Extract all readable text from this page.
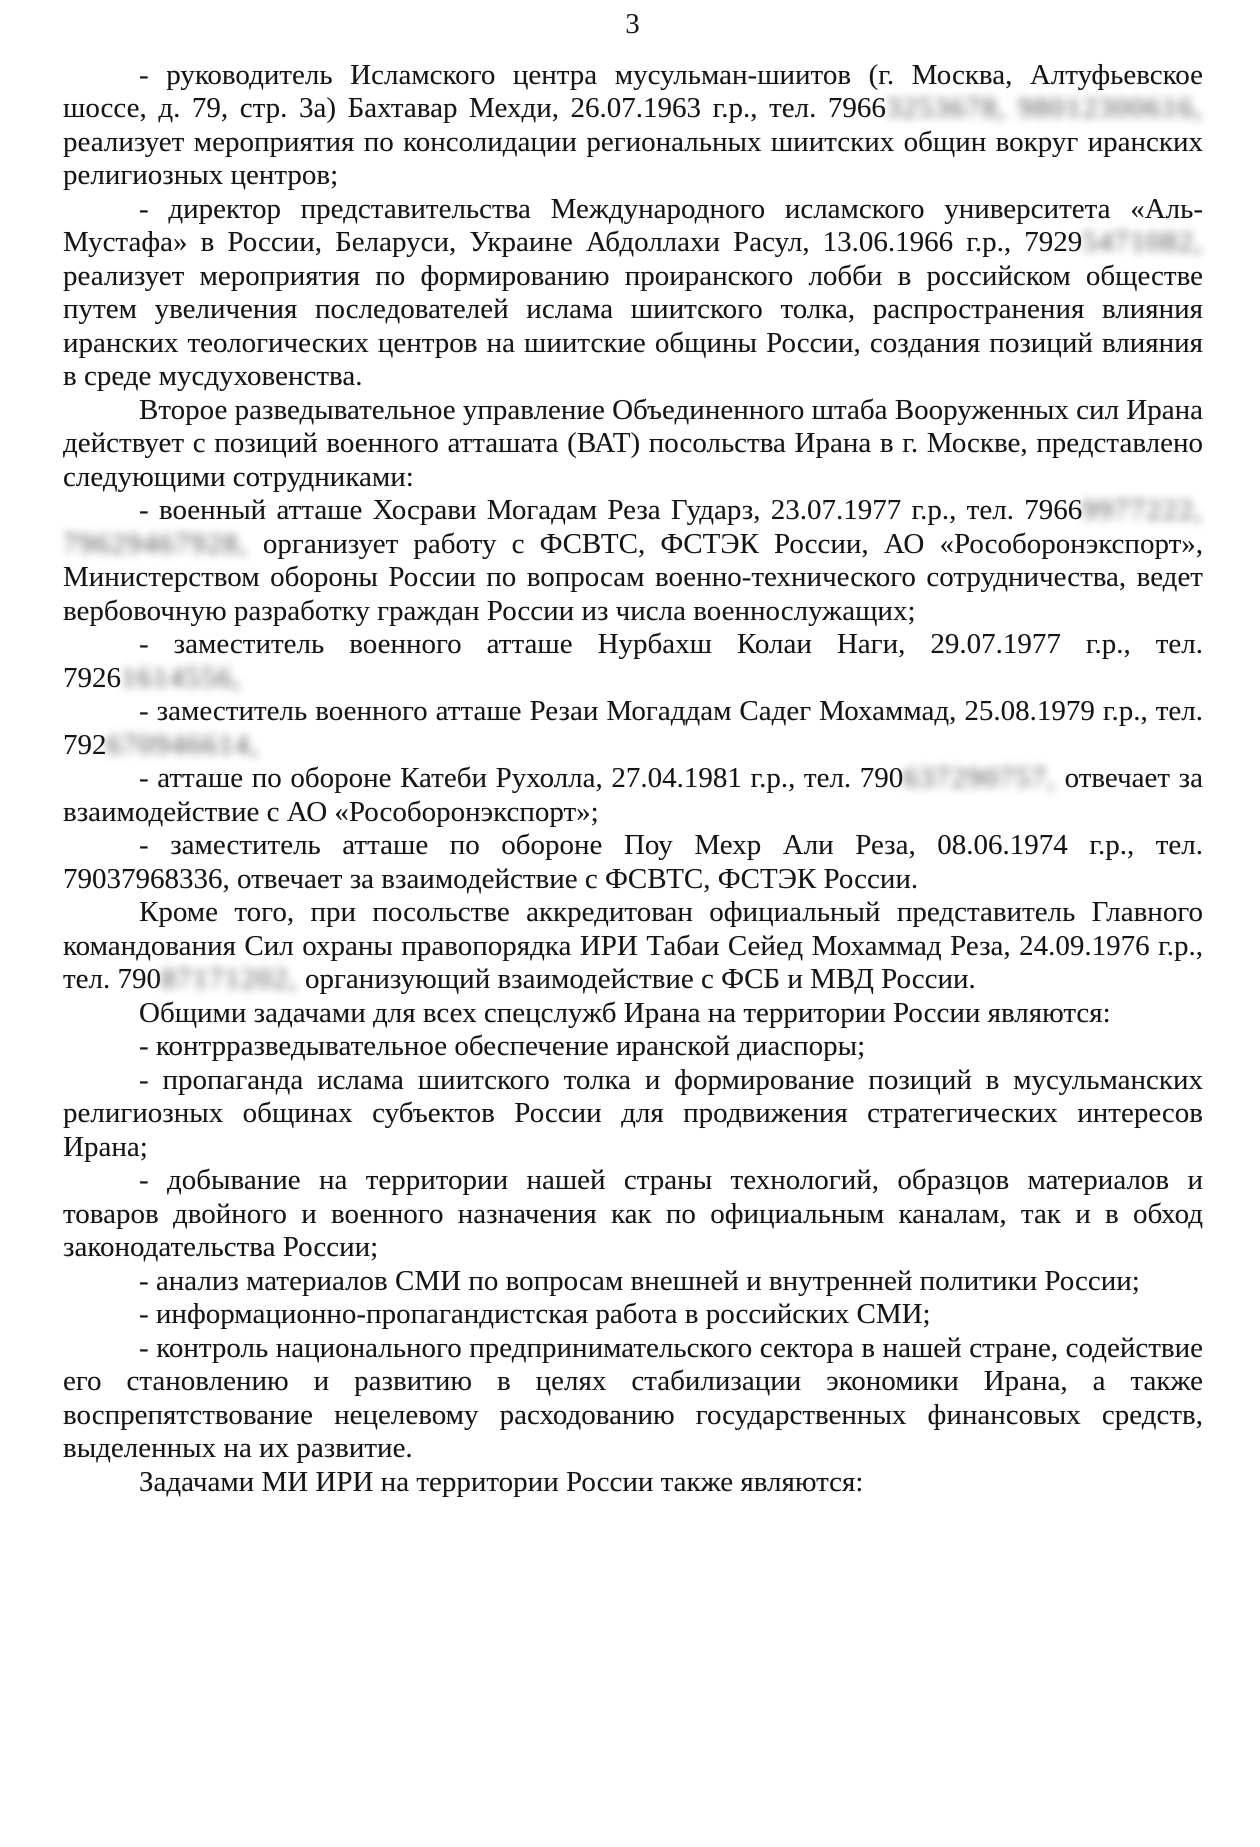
3

- руководитель Исламского центра мусульман-шиитов (г. Москва, Алтуфьевское шоссе, д. 79, стр. 3а) Бахтавар Мехди, 26.07.1963 г.р., тел. 79663253678, 98012300616, реализует мероприятия по консолидации региональных шиитских общин вокруг иранских религиозных центров;

- директор представительства Международного исламского университета «Аль-Мустафа» в России, Беларуси, Украине Абдоллахи Расул, 13.06.1966 г.р., 79295471082, реализует мероприятия по формированию проиранского лобби в российском обществе путем увеличения последователей ислама шиитского толка, распространения влияния иранских теологических центров на шиитские общины России, создания позиций влияния в среде мусдуховенства.

Второе разведывательное управление Объединенного штаба Вооруженных сил Ирана действует с позиций военного атташата (ВАТ) посольства Ирана в г. Москве, представлено следующими сотрудниками:

- военный атташе Хосрави Могадам Реза Гударз, 23.07.1977 г.р., тел. 79669977222, 79629467928, организует работу с ФСВТС, ФСТЭК России, АО «Рособоронэкспорт», Министерством обороны России по вопросам военно-технического сотрудничества, ведет вербовочную разработку граждан России из числа военнослужащих;

- заместитель военного атташе Нурбахш Колаи Наги, 29.07.1977 г.р., тел. 79261614556,

- заместитель военного атташе Резаи Могаддам Садег Мохаммад, 25.08.1979 г.р., тел. 792670946614,

- атташе по обороне Катеби Рухолла, 27.04.1981 г.р., тел. 790637290757, отвечает за взаимодействие с АО «Рособоронэкспорт»;

- заместитель атташе по обороне Поу Мехр Али Реза, 08.06.1974 г.р., тел. 79037968336, отвечает за взаимодействие с ФСВТС, ФСТЭК России.

Кроме того, при посольстве аккредитован официальный представитель Главного командования Сил охраны правопорядка ИРИ Табаи Сейед Мохаммад Реза, 24.09.1976 г.р., тел. 79087171202, организующий взаимодействие с ФСБ и МВД России.

Общими задачами для всех спецслужб Ирана на территории России являются:

- контрразведывательное обеспечение иранской диаспоры;

- пропаганда ислама шиитского толка и формирование позиций в мусульманских религиозных общинах субъектов России для продвижения стратегических интересов Ирана;

- добывание на территории нашей страны технологий, образцов материалов и товаров двойного и военного назначения как по официальным каналам, так и в обход законодательства России;

- анализ материалов СМИ по вопросам внешней и внутренней политики России;

- информационно-пропагандистская работа в российских СМИ;

- контроль национального предпринимательского сектора в нашей стране, содействие его становлению и развитию в целях стабилизации экономики Ирана, а также воспрепятствование нецелевому расходованию государственных финансовых средств, выделенных на их развитие.

Задачами МИ ИРИ на территории России также являются:
